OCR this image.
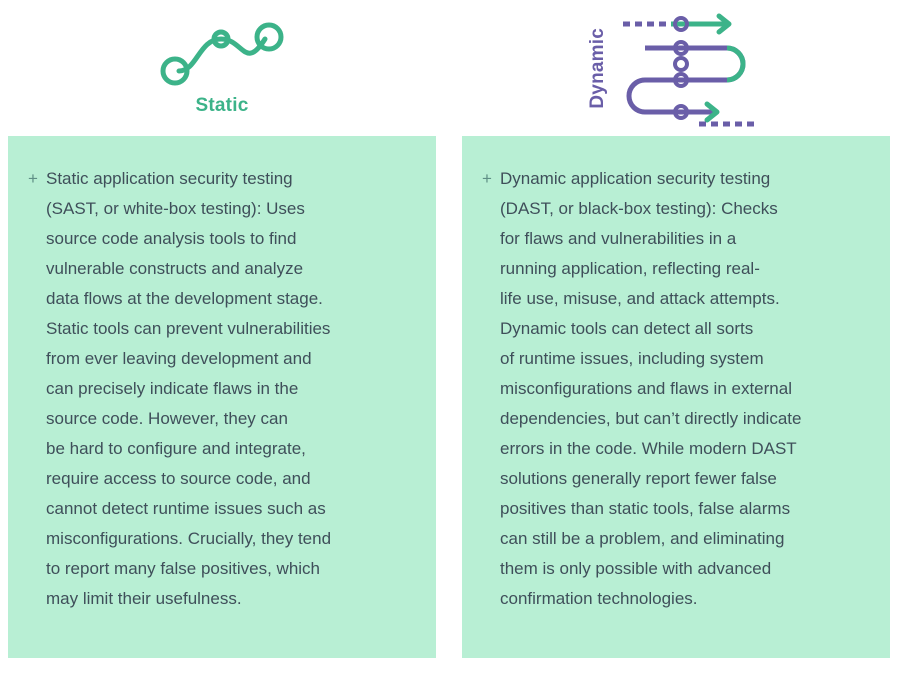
Static
+ Static application security testing
(SAST, or white-box testing): Uses
source code analysis tools to find
vulnerable constructs and analyze
data flows at the development stage.
Static tools can prevent vulnerabilities
from ever leaving development and
can precisely indicate flaws in the
source code. However, they can
be hard to configure and integrate,
require access to source code, and
cannot detect runtime issues such as
misconfigurations. Crucially, they tend
to report many false positives, which
may limit their usefulness.
Dynamic
+ Dynamic application security testing
(DAST, or black-box testing): Checks
for flaws and vulnerabilities in a
running application, reflecting real-
life use, misuse, and attack attempts.
Dynamic tools can detect all sorts
of runtime issues, including system
misconfigurations and flaws in external
dependencies, but can’t directly indicate
errors in the code. While modern DAST
solutions generally report fewer false
positives than static tools, false alarms
can still be a problem, and eliminating
them is only possible with advanced
confirmation technologies.
